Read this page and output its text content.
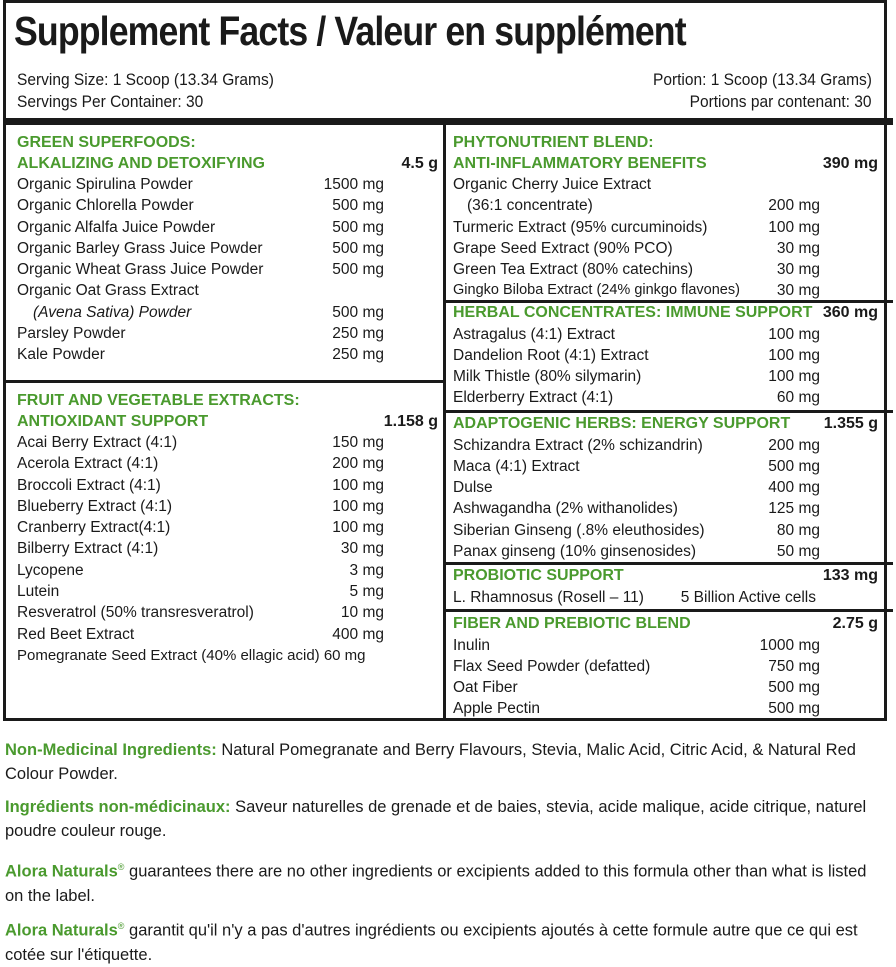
Supplement Facts / Valeur en supplément
Serving Size: 1 Scoop (13.34 Grams)
Servings Per Container: 30
Portion: 1 Scoop (13.34 Grams)
Portions par contenant: 30
GREEN SUPERFOODS:
ALKALIZING AND DETOXIFYING	4.5 g
Organic Spirulina Powder	1500 mg
Organic Chlorella Powder	500 mg
Organic Alfalfa Juice Powder	500 mg
Organic Barley Grass Juice Powder	500 mg
Organic Wheat Grass Juice Powder	500 mg
Organic Oat Grass Extract
(Avena Sativa) Powder	500 mg
Parsley Powder	250 mg
Kale Powder	250 mg
FRUIT AND VEGETABLE EXTRACTS:
ANTIOXIDANT SUPPORT	1.158 g
Acai Berry Extract (4:1)	150 mg
Acerola Extract (4:1)	200 mg
Broccoli Extract (4:1)	100 mg
Blueberry Extract (4:1)	100 mg
Cranberry Extract(4:1)	100 mg
Bilberry Extract (4:1)	30 mg
Lycopene	3 mg
Lutein	5 mg
Resveratrol (50% transresveratrol)	10 mg
Red Beet Extract	400 mg
Pomegranate Seed Extract (40% ellagic acid) 60 mg
PHYTONUTRIENT BLEND:
ANTI-INFLAMMATORY BENEFITS	390 mg
Organic Cherry Juice Extract
(36:1 concentrate)	200 mg
Turmeric Extract (95% curcuminoids)	100 mg
Grape Seed Extract (90% PCO)	30 mg
Green Tea Extract (80% catechins)	30 mg
Gingko Biloba Extract (24% ginkgo flavones) 30 mg
HERBAL CONCENTRATES: IMMUNE SUPPORT 360 mg
Astragalus (4:1) Extract	100 mg
Dandelion Root (4:1) Extract	100 mg
Milk Thistle (80% silymarin)	100 mg
Elderberry Extract (4:1)	60 mg
ADAPTOGENIC HERBS: ENERGY SUPPORT 1.355 g
Schizandra Extract (2% schizandrin)	200 mg
Maca (4:1) Extract	500 mg
Dulse	400 mg
Ashwagandha (2% withanolides)	125 mg
Siberian Ginseng (.8% eleuthosides)	80 mg
Panax ginseng (10% ginsenosides)	50 mg
PROBIOTIC SUPPORT	133 mg
L. Rhamnosus (Rosell – 11) 5 Billion Active cells
FIBER AND PREBIOTIC BLEND	2.75 g
Inulin	1000 mg
Flax Seed Powder (defatted)	750 mg
Oat Fiber	500 mg
Apple Pectin	500 mg
Non-Medicinal Ingredients: Natural Pomegranate and Berry Flavours, Stevia, Malic Acid, Citric Acid, & Natural Red Colour Powder.
Ingrédients non-médicinaux: Saveur naturelles de grenade et de baies, stevia, acide malique, acide citrique, naturel poudre couleur rouge.
Alora Naturals® guarantees there are no other ingredients or excipients added to this formula other than what is listed on the label.
Alora Naturals® garantit qu'il n'y a pas d'autres ingrédients ou excipients ajoutés à cette formule autre que ce qui est cotée sur l'étiquette.
